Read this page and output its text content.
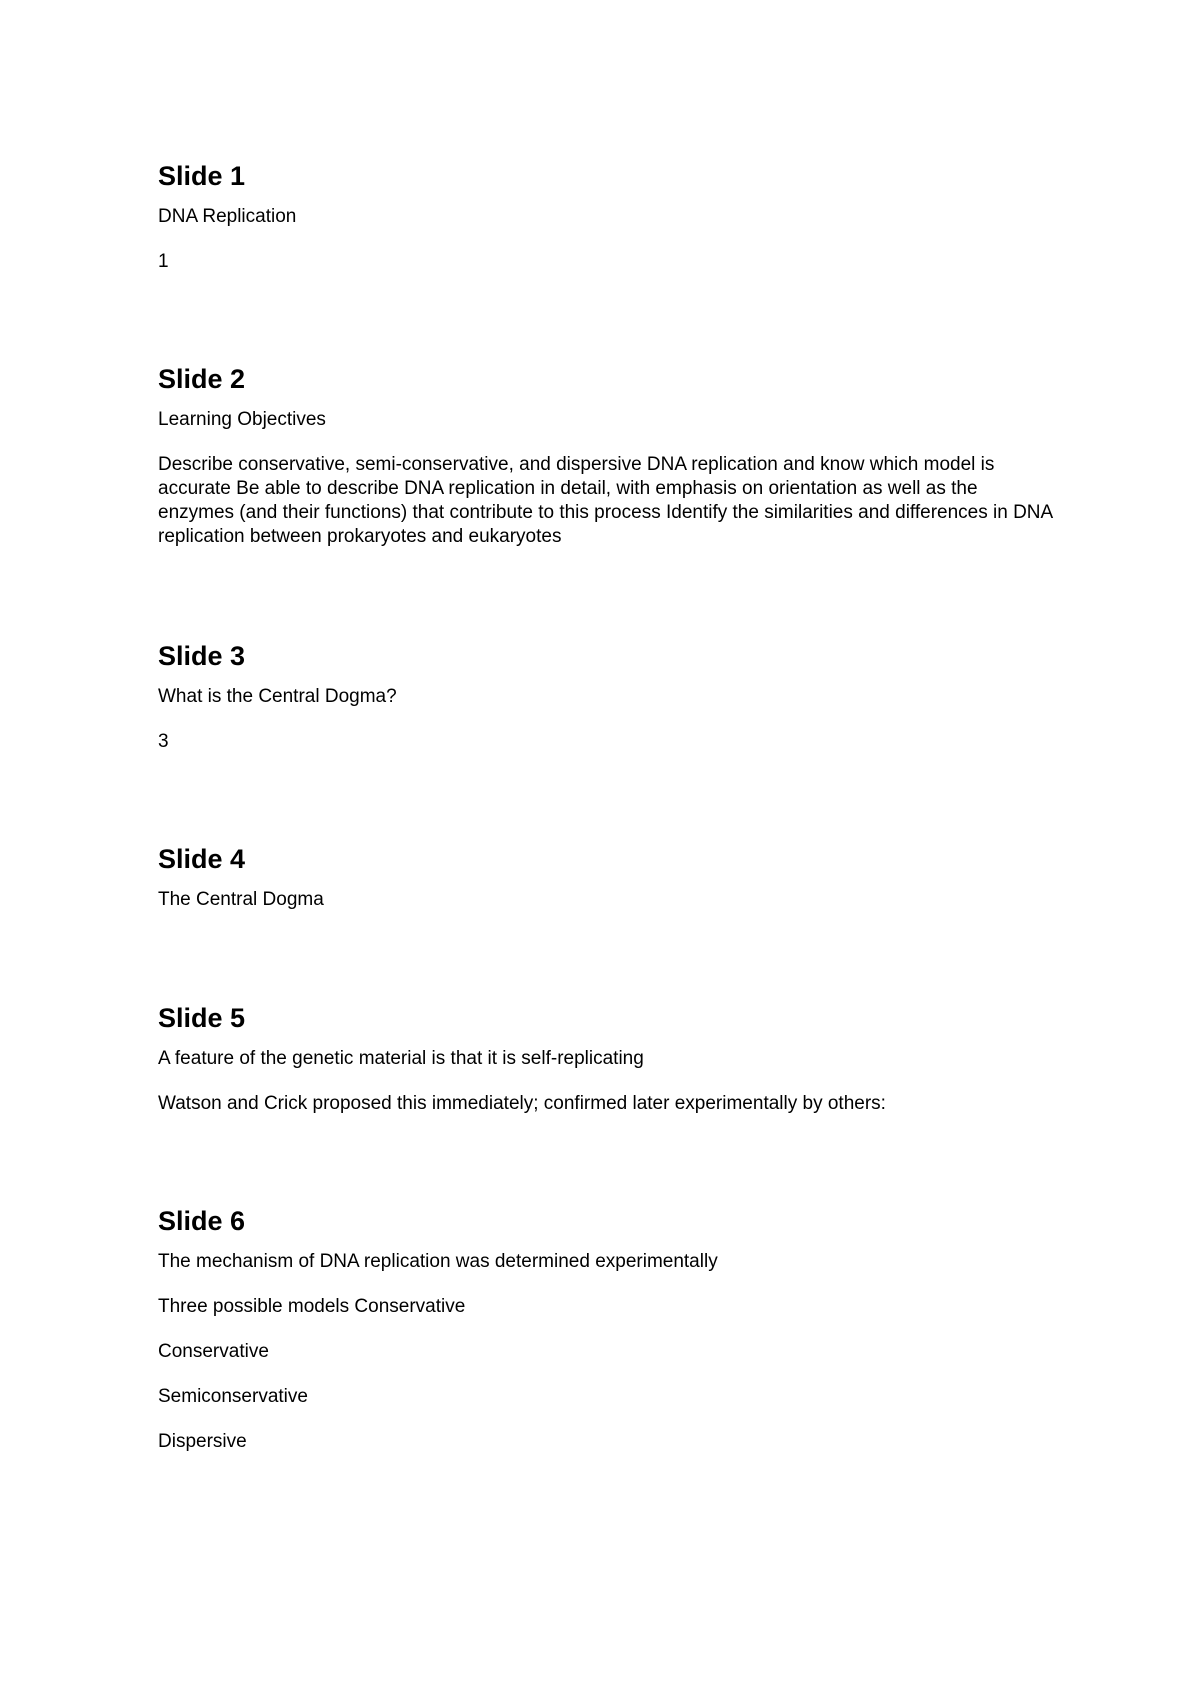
Slide 1

DNA Replication

1

Slide 2

Learning Objectives

Describe conservative, semi-conservative, and dispersive DNA replication and know which model is accurate Be able to describe DNA replication in detail, with emphasis on orientation as well as the enzymes (and their functions) that contribute to this process Identify the similarities and differences in DNA replication between prokaryotes and eukaryotes

Slide 3

What is the Central Dogma?

3

Slide 4

The Central Dogma

Slide 5

A feature of the genetic material is that it is self-replicating

Watson and Crick proposed this immediately; confirmed later experimentally by others:

Slide 6

The mechanism of DNA replication was determined experimentally

Three possible models Conservative

Conservative

Semiconservative

Dispersive
